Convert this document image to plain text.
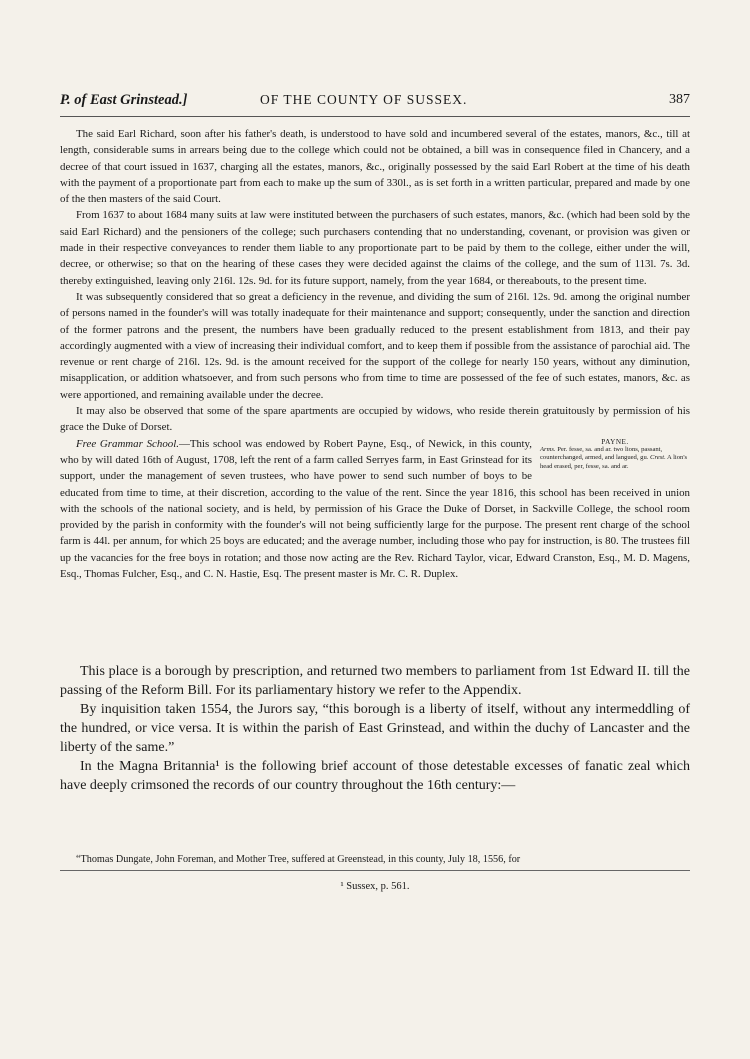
P. of East Grinstead.]	OF THE COUNTY OF SUSSEX.	387

The said Earl Richard, soon after his father's death, is understood to have sold and incumbered several of the estates, manors, &c., till at length, considerable sums in arrears being due to the college which could not be obtained, a bill was in consequence filed in Chancery, and a decree of that court issued in 1637, charging all the estates, manors, &c., originally possessed by the said Earl Robert at the time of his death with the payment of a proportionate part from each to make up the sum of 330l., as is set forth in a written particular, prepared and made by one of the then masters of the said Court.

From 1637 to about 1684 many suits at law were instituted between the purchasers of such estates, manors, &c. (which had been sold by the said Earl Richard) and the pensioners of the college; such purchasers contending that no understanding, covenant, or provision was given or made in their respective conveyances to render them liable to any proportionate part to be paid by them to the college, either under the will, decree, or otherwise; so that on the hearing of these cases they were decided against the claims of the college, and the sum of 113l. 7s. 3d. thereby extinguished, leaving only 216l. 12s. 9d. for its future support, namely, from the year 1684, or thereabouts, to the present time.

It was subsequently considered that so great a deficiency in the revenue, and dividing the sum of 216l. 12s. 9d. among the original number of persons named in the founder's will was totally inadequate for their maintenance and support; consequently, under the sanction and direction of the former patrons and the present, the numbers have been gradually reduced to the present establishment from 1813, and their pay accordingly augmented with a view of increasing their individual comfort, and to keep them if possible from the assistance of parochial aid. The revenue or rent charge of 216l. 12s. 9d. is the amount received for the support of the college for nearly 150 years, without any diminution, misapplication, or addition whatsoever, and from such persons who from time to time are possessed of the fee of such estates, manors, &c. as were apportioned, and remaining available under the decree.

It may also be observed that some of the spare apartments are occupied by widows, who reside therein gratuitously by permission of his grace the Duke of Dorset.

PAYNE.
Arms. Per. fesse, sa. and ar. two lions, passant, counterchanged, armed, and langued, gu. Crest. A lion's head erased, per, fesse, sa. and ar.
Free Grammar School.—This school was endowed by Robert Payne, Esq., of Newick, in this county, who by will dated 16th of August, 1708, left the rent of a farm called Serryes farm, in East Grinstead for its support, under the management of seven trustees, who have power to send such number of boys to be educated from time to time, at their discretion, according to the value of the rent. Since the year 1816, this school has been received in union with the schools of the national society, and is held, by permission of his Grace the Duke of Dorset, in Sackville College, the school room provided by the parish in conformity with the founder's will not being sufficiently large for the purpose. The present rent charge of the school farm is 44l. per annum, for which 25 boys are educated; and the average number, including those who pay for instruction, is 80. The trustees fill up the vacancies for the free boys in rotation; and those now acting are the Rev. Richard Taylor, vicar, Edward Cranston, Esq., M. D. Magens, Esq., Thomas Fulcher, Esq., and C. N. Hastie, Esq. The present master is Mr. C. R. Duplex.

This place is a borough by prescription, and returned two members to parliament from 1st Edward II. till the passing of the Reform Bill. For its parliamentary history we refer to the Appendix.

By inquisition taken 1554, the Jurors say, “this borough is a liberty of itself, without any intermeddling of the hundred, or vice versa. It is within the parish of East Grinstead, and within the duchy of Lancaster and the liberty of the same.”

In the Magna Britannia¹ is the following brief account of those detestable excesses of fanatic zeal which have deeply crimsoned the records of our country throughout the 16th century:—

“Thomas Dungate, John Foreman, and Mother Tree, suffered at Greenstead, in this county, July 18, 1556, for
¹ Sussex, p. 561.
